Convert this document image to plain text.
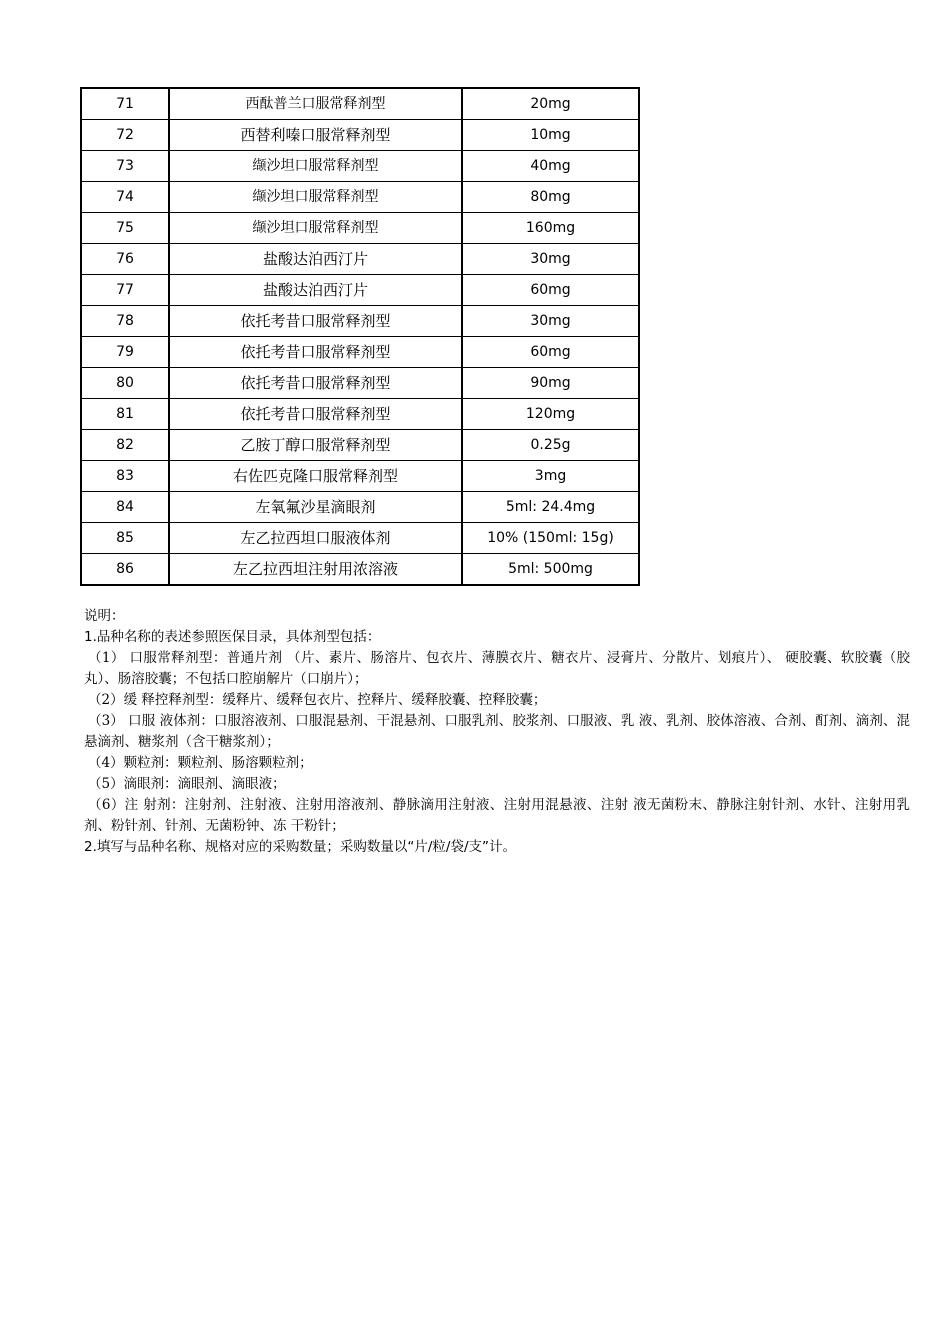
71	西酞普兰口服常释剂型	20mg
72	西替利嗪口服常释剂型	10mg
73	缬沙坦口服常释剂型	40mg
74	缬沙坦口服常释剂型	80mg
75	缬沙坦口服常释剂型	160mg
76	盐酸达泊西汀片	30mg
77	盐酸达泊西汀片	60mg
78	依托考昔口服常释剂型	30mg
79	依托考昔口服常释剂型	60mg
80	依托考昔口服常释剂型	90mg
81	依托考昔口服常释剂型	120mg
82	乙胺丁醇口服常释剂型	0.25g
83	右佐匹克隆口服常释剂型	3mg
84	左氧氟沙星滴眼剂	5ml: 24.4mg
85	左乙拉西坦口服液体剂	10% (150ml: 15g)
86	左乙拉西坦注射用浓溶液	5ml: 500mg

说明：

1.品种名称的表述参照医保目录，具体剂型包括：

（1） 口服常释剂型：普通片剂 （片、素片、肠溶片、包衣片、薄膜衣片、糖衣片、浸膏片、分散片、划痕片）、 硬胶囊、软胶囊（胶丸）、肠溶胶囊；不包括口腔崩解片（口崩片）；

（2）缓 释控释剂型：缓释片、缓释包衣片、控释片、缓释胶囊、控释胶囊；

（3） 口服 液体剂：口服溶液剂、口服混悬剂、干混悬剂、口服乳剂、胶浆剂、口服液、乳 液、乳剂、胶体溶液、合剂、酊剂、滴剂、混悬滴剂、糖浆剂（含干糖浆剂）；

（4）颗粒剂：颗粒剂、肠溶颗粒剂；

（5）滴眼剂：滴眼剂、滴眼液；

（6）注 射剂：注射剂、注射液、注射用溶液剂、静脉滴用注射液、注射用混悬液、注射 液无菌粉末、静脉注射针剂、水针、注射用乳剂、粉针剂、针剂、无菌粉钟、冻 干粉针；

2.填写与品种名称、规格对应的采购数量；采购数量以“片/粒/袋/支”计。
